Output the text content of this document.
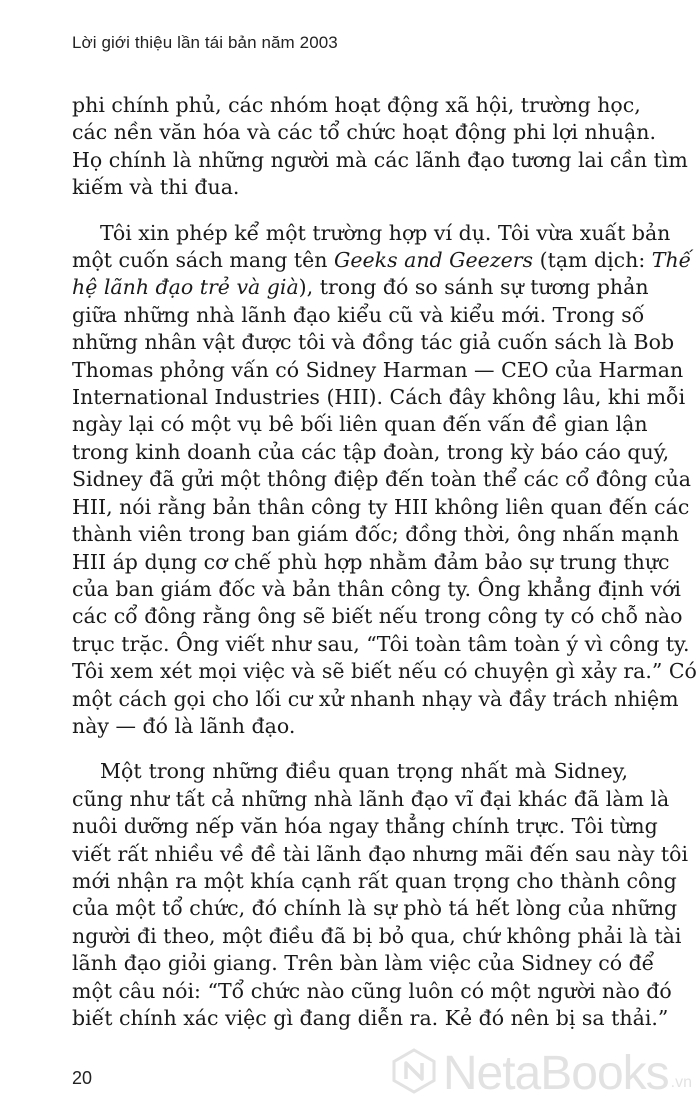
Lời giới thiệu lần tái bản năm 2003

phi chính phủ, các nhóm hoạt động xã hội, trường học,
các nền văn hóa và các tổ chức hoạt động phi lợi nhuận.
Họ chính là những người mà các lãnh đạo tương lai cần tìm
kiếm và thi đua.

Tôi xin phép kể một trường hợp ví dụ. Tôi vừa xuất bản
một cuốn sách mang tên Geeks and Geezers (tạm dịch: Thế
hệ lãnh đạo trẻ và già), trong đó so sánh sự tương phản
giữa những nhà lãnh đạo kiểu cũ và kiểu mới. Trong số
những nhân vật được tôi và đồng tác giả cuốn sách là Bob
Thomas phỏng vấn có Sidney Harman — CEO của Harman
International Industries (HII). Cách đây không lâu, khi mỗi
ngày lại có một vụ bê bối liên quan đến vấn đề gian lận
trong kinh doanh của các tập đoàn, trong kỳ báo cáo quý,
Sidney đã gửi một thông điệp đến toàn thể các cổ đông của
HII, nói rằng bản thân công ty HII không liên quan đến các
thành viên trong ban giám đốc; đồng thời, ông nhấn mạnh
HII áp dụng cơ chế phù hợp nhằm đảm bảo sự trung thực
của ban giám đốc và bản thân công ty. Ông khẳng định với
các cổ đông rằng ông sẽ biết nếu trong công ty có chỗ nào
trục trặc. Ông viết như sau, “Tôi toàn tâm toàn ý vì công ty.
Tôi xem xét mọi việc và sẽ biết nếu có chuyện gì xảy ra.” Có
một cách gọi cho lối cư xử nhanh nhạy và đầy trách nhiệm
này — đó là lãnh đạo.

Một trong những điều quan trọng nhất mà Sidney,
cũng như tất cả những nhà lãnh đạo vĩ đại khác đã làm là
nuôi dưỡng nếp văn hóa ngay thẳng chính trực. Tôi từng
viết rất nhiều về đề tài lãnh đạo nhưng mãi đến sau này tôi
mới nhận ra một khía cạnh rất quan trọng cho thành công
của một tổ chức, đó chính là sự phò tá hết lòng của những
người đi theo, một điều đã bị bỏ qua, chứ không phải là tài
lãnh đạo giỏi giang. Trên bàn làm việc của Sidney có để
một câu nói: “Tổ chức nào cũng luôn có một người nào đó
biết chính xác việc gì đang diễn ra. Kẻ đó nên bị sa thải.”

20	NetaBooks .vn
